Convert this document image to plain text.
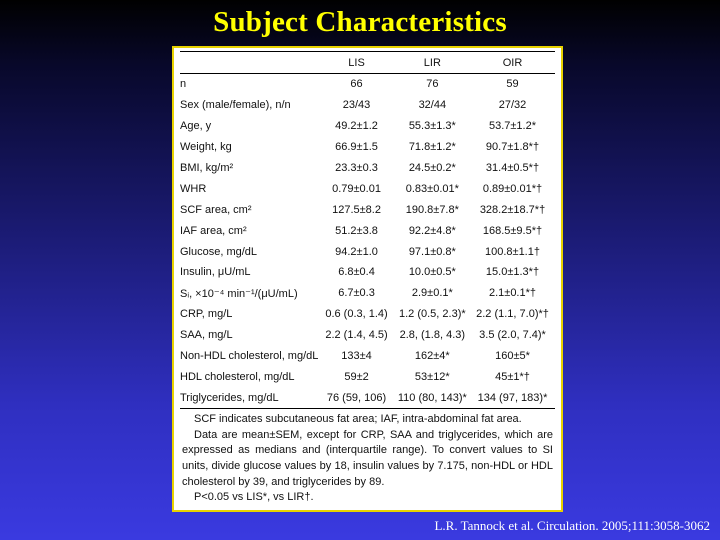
Subject Characteristics
	LIS	LIR	OIR
n	66	76	59
Sex (male/female), n/n	23/43	32/44	27/32
Age, y	49.2±1.2	55.3±1.3*	53.7±1.2*
Weight, kg	66.9±1.5	71.8±1.2*	90.7±1.8*†
BMI, kg/m²	23.3±0.3	24.5±0.2*	31.4±0.5*†
WHR	0.79±0.01	0.83±0.01*	0.89±0.01*†
SCF area, cm²	127.5±8.2	190.8±7.8*	328.2±18.7*†
IAF area, cm²	51.2±3.8	92.2±4.8*	168.5±9.5*†
Glucose, mg/dL	94.2±1.0	97.1±0.8*	100.8±1.1†
Insulin, μU/mL	6.8±0.4	10.0±0.5*	15.0±1.3*†
Sᵢ, ×10⁻⁴ min⁻¹/(μU/mL)	6.7±0.3	2.9±0.1*	2.1±0.1*†
CRP, mg/L	0.6 (0.3, 1.4)	1.2 (0.5, 2.3)*	2.2 (1.1, 7.0)*†
SAA, mg/L	2.2 (1.4, 4.5)	2.8, (1.8, 4.3)	3.5 (2.0, 7.4)*
Non-HDL cholesterol, mg/dL	133±4	162±4*	160±5*
HDL cholesterol, mg/dL	59±2	53±12*	45±1*†
Triglycerides, mg/dL	76 (59, 106)	110 (80, 143)*	134 (97, 183)*

SCF indicates subcutaneous fat area; IAF, intra-abdominal fat area.

Data are mean±SEM, except for CRP, SAA and triglycerides, which are expressed as medians and (interquartile range). To convert values to SI units, divide glucose values by 18, insulin values by 7.175, non-HDL or HDL cholesterol by 39, and triglycerides by 89.

P<0.05 vs LIS*, vs LIR†.

L.R. Tannock et al. Circulation. 2005;111:3058-3062
